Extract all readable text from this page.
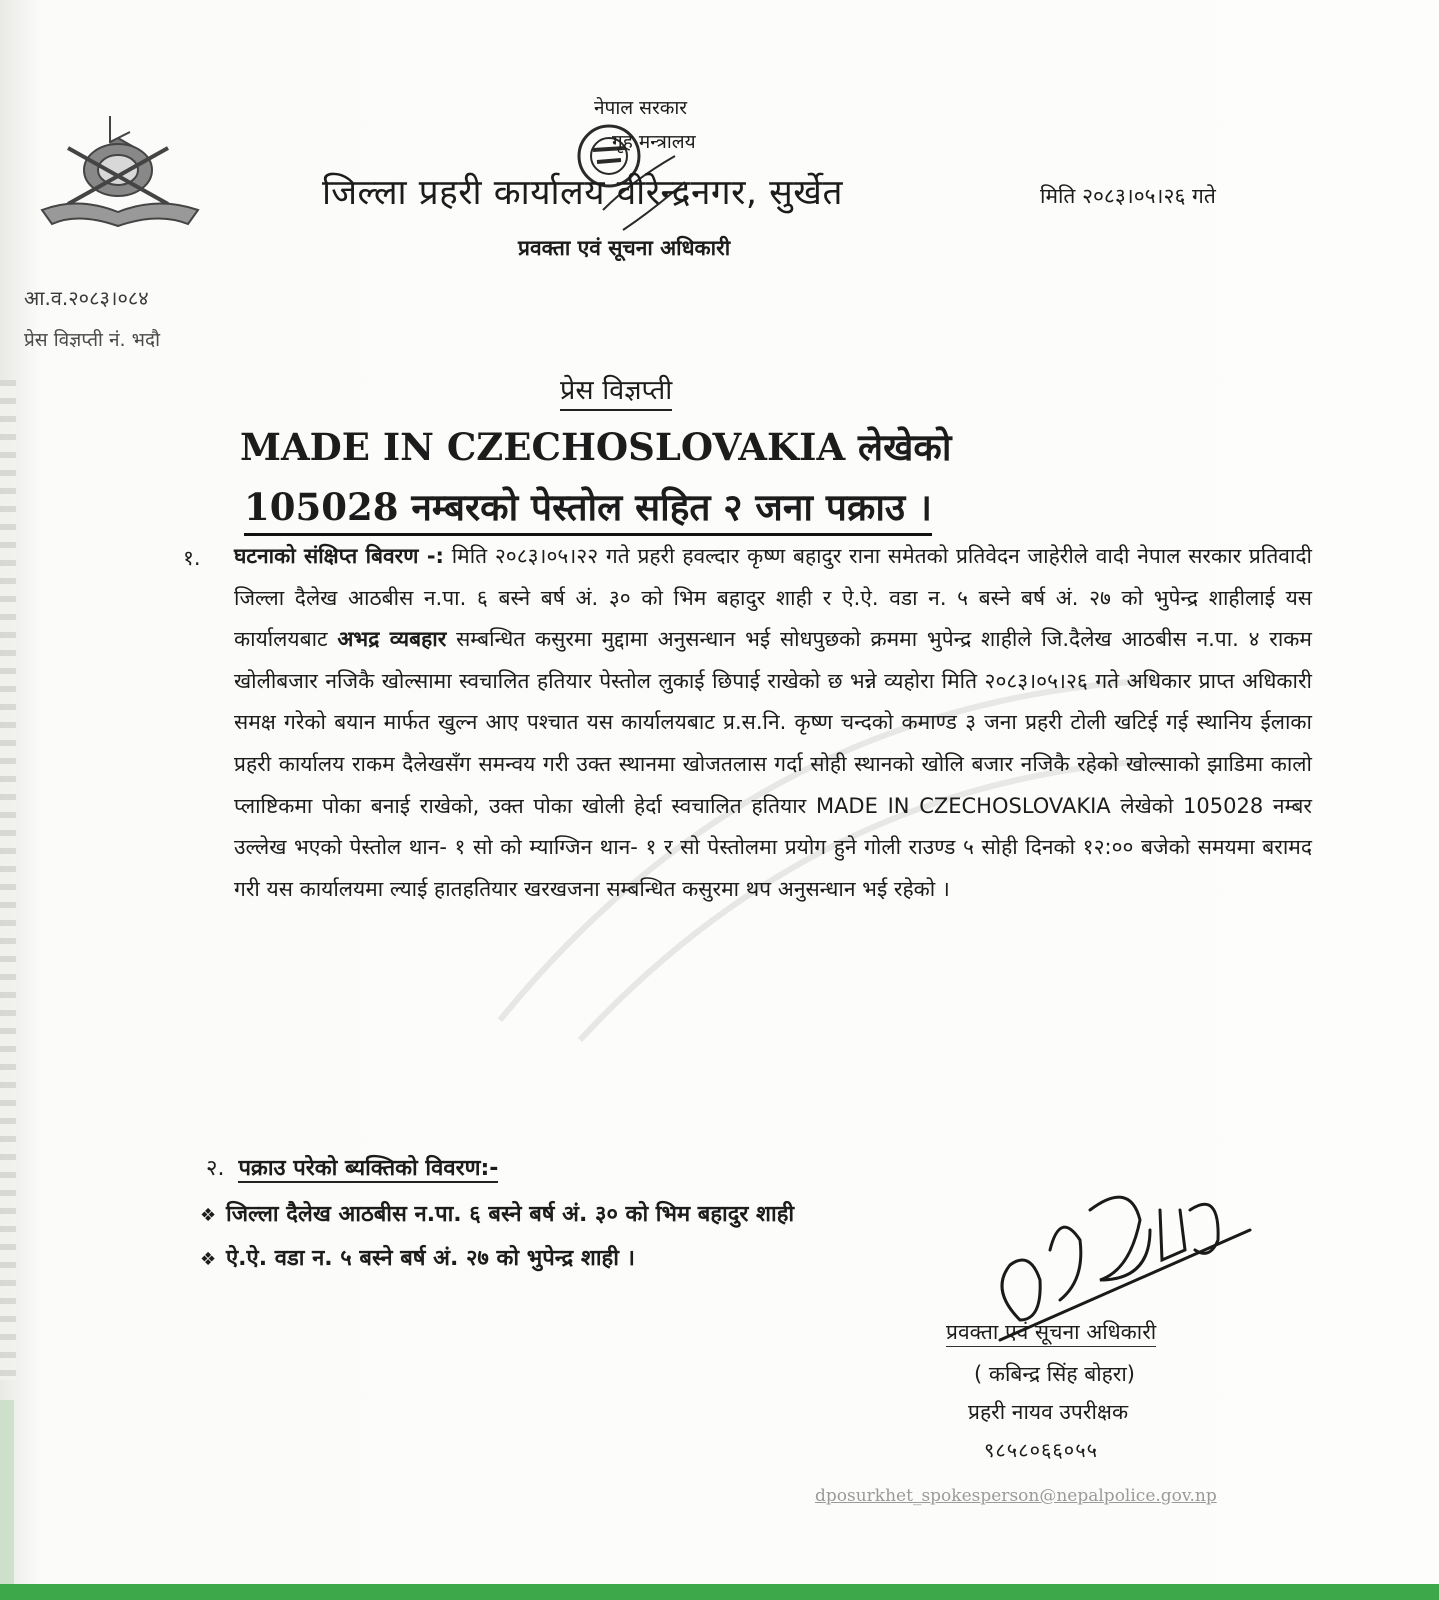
नेपाल सरकार
गृह मन्त्रालय
जिल्ला प्रहरी कार्यालय वीरेन्द्रनगर, सुर्खेत
प्रवक्ता एवं सूचना अधिकारी
मिति २०८३।०५।२६ गते
आ.व.२०८३।०८४
प्रेस विज्ञप्ती नं. भदौ
प्रेस विज्ञप्ती
MADE IN CZECHOSLOVAKIA लेखेको
105028 नम्बरको पेस्तोल सहित २ जना पक्राउ ।
१. घटनाको संक्षिप्त बिवरण -: मिति २०८३।०५।२२ गते प्रहरी हवल्दार कृष्ण बहादुर राना समेतको प्रतिवेदन जाहेरीले वादी नेपाल सरकार प्रतिवादी जिल्ला दैलेख आठबीस न.पा. ६ बस्ने बर्ष अं. ३० को भिम बहादुर शाही र ऐ.ऐ. वडा न. ५ बस्ने बर्ष अं. २७ को भुपेन्द्र शाहीलाई यस कार्यालयबाट अभद्र व्यबहार सम्बन्धित कसुरमा मुद्दामा अनुसन्धान भई सोधपुछको क्रममा भुपेन्द्र शाहीले जि.दैलेख आठबीस न.पा. ४ राकम खोलीबजार नजिकै खोल्सामा स्वचालित हतियार पेस्तोल लुकाई छिपाई राखेको छ भन्ने व्यहोरा मिति २०८३।०५।२६ गते अधिकार प्राप्त अधिकारी समक्ष गरेको बयान मार्फत खुल्न आए पश्चात यस कार्यालयबाट प्र.स.नि. कृष्ण चन्दको कमाण्ड ३ जना प्रहरी टोली खटिई गई स्थानिय ईलाका प्रहरी कार्यालय राकम दैलेखसँग समन्वय गरी उक्त स्थानमा खोजतलास गर्दा सोही स्थानको खोलि बजार नजिकै रहेको खोल्साको झाडिमा कालो प्लाष्टिकमा पोका बनाई राखेको, उक्त पोका खोली हेर्दा स्वचालित हतियार MADE IN CZECHOSLOVAKIA लेखेको 105028 नम्बर उल्लेख भएको पेस्तोल थान- १ सो को म्याग्जिन थान- १ र सो पेस्तोलमा प्रयोग हुने गोली राउण्ड ५ सोही दिनको १२:०० बजेको समयमा बरामद गरी यस कार्यालयमा ल्याई हातहतियार खरखजना सम्बन्धित कसुरमा थप अनुसन्धान भई रहेको ।
२. पक्राउ परेको ब्यक्तिको विवरण:-
❖ जिल्ला दैलेख आठबीस न.पा. ६ बस्ने बर्ष अं. ३० को भिम बहादुर शाही
❖ ऐ.ऐ. वडा न. ५ बस्ने बर्ष अं. २७ को भुपेन्द्र शाही ।
प्रवक्ता एवं सूचना अधिकारी
( कबिन्द्र सिंह बोहरा)
प्रहरी नायव उपरीक्षक
९८५८०६६०५५
dposurkhet_spokesperson@nepalpolice.gov.np
